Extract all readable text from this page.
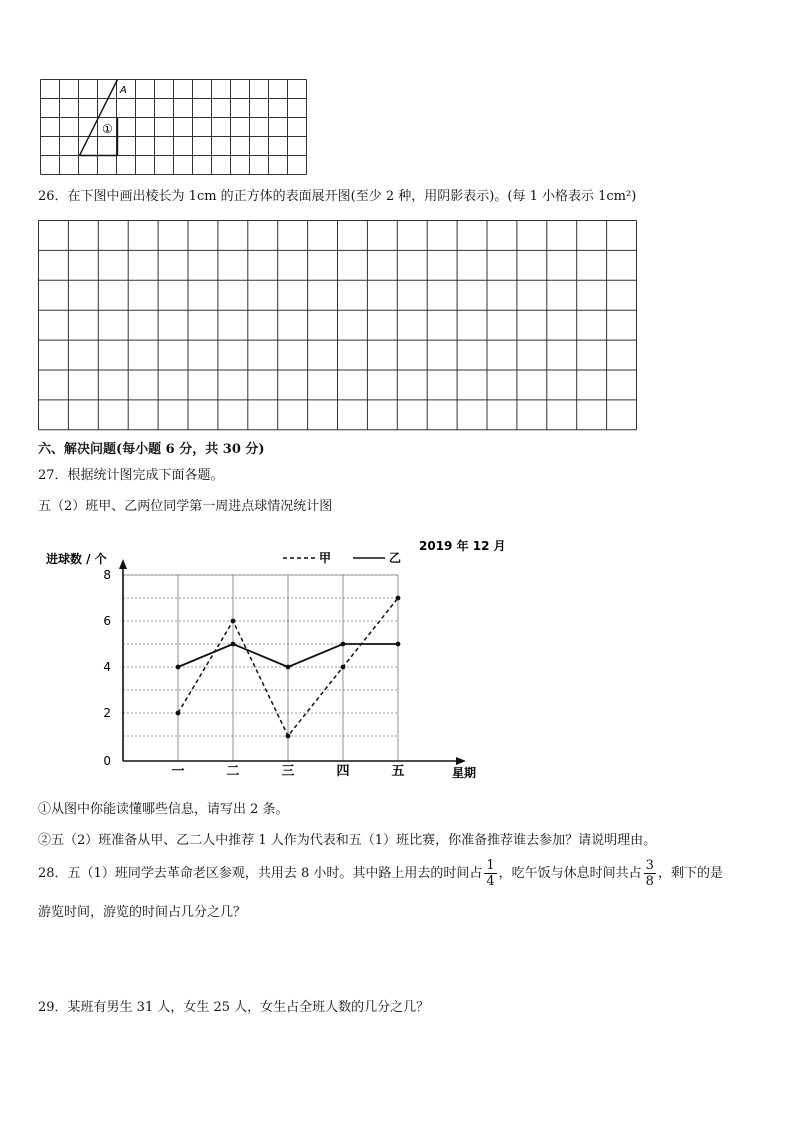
A
①
26．在下图中画出棱长为 1cm 的正方体的表面展开图(至少 2 种，用阴影表示)。(每 1 小格表示 1cm²)
六、解决问题(每小题 6 分，共 30 分)
27．根据统计图完成下面各题。
五（2）班甲、乙两位同学第一周进点球情况统计图
0
2
4
6
8
一	二	三	四	五
进球数 / 个
星期
2019 年 12 月
甲	乙
①从图中你能读懂哪些信息，请写出 2 条。
②五（2）班准备从甲、乙二人中推荐 1 人作为代表和五（1）班比赛，你准备推荐谁去参加？请说明理由。
28．五（1）班同学去革命老区参观，共用去 8 小时。其中路上用去的时间占 $\frac{1}{4}$ ，吃午饭与休息时间共占 $\frac{3}{8}$ ，剩下的是
游览时间，游览的时间占几分之几？
29．某班有男生 31 人，女生 25 人，女生占全班人数的几分之几？
